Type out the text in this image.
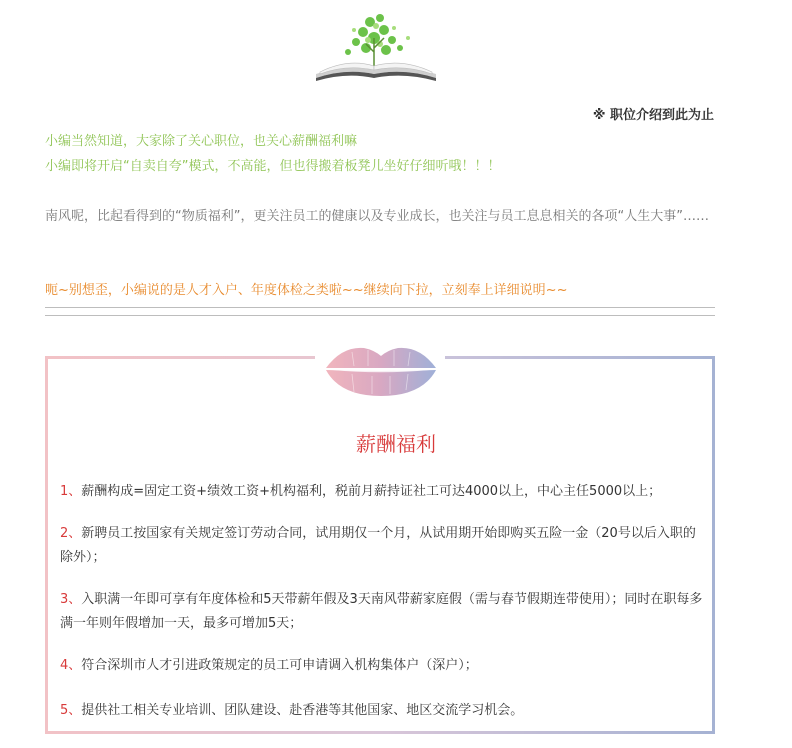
※ 职位介绍到此为止
小编当然知道，大家除了关心职位，也关心薪酬福利嘛
小编即将开启“自卖自夸”模式，不高能，但也得搬着板凳儿坐好仔细听哦！！！
南风呢，比起看得到的“物质福利”，更关注员工的健康以及专业成长，也关注与员工息息相关的各项“人生大事”……
呃~别想歪，小编说的是人才入户、年度体检之类啦~~继续向下拉，立刻奉上详细说明~~
薪酬福利
1、薪酬构成=固定工资+绩效工资+机构福利，税前月薪持证社工可达4000以上，中心主任5000以上；
2、新聘员工按国家有关规定签订劳动合同，试用期仅一个月，从试用期开始即购买五险一金（20号以后入职的除外）；
3、入职满一年即可享有年度体检和5天带薪年假及3天南风带薪家庭假（需与春节假期连带使用）；同时在职每多满一年则年假增加一天，最多可增加5天；
4、符合深圳市人才引进政策规定的员工可申请调入机构集体户（深户）；
5、提供社工相关专业培训、团队建设、赴香港等其他国家、地区交流学习机会。
